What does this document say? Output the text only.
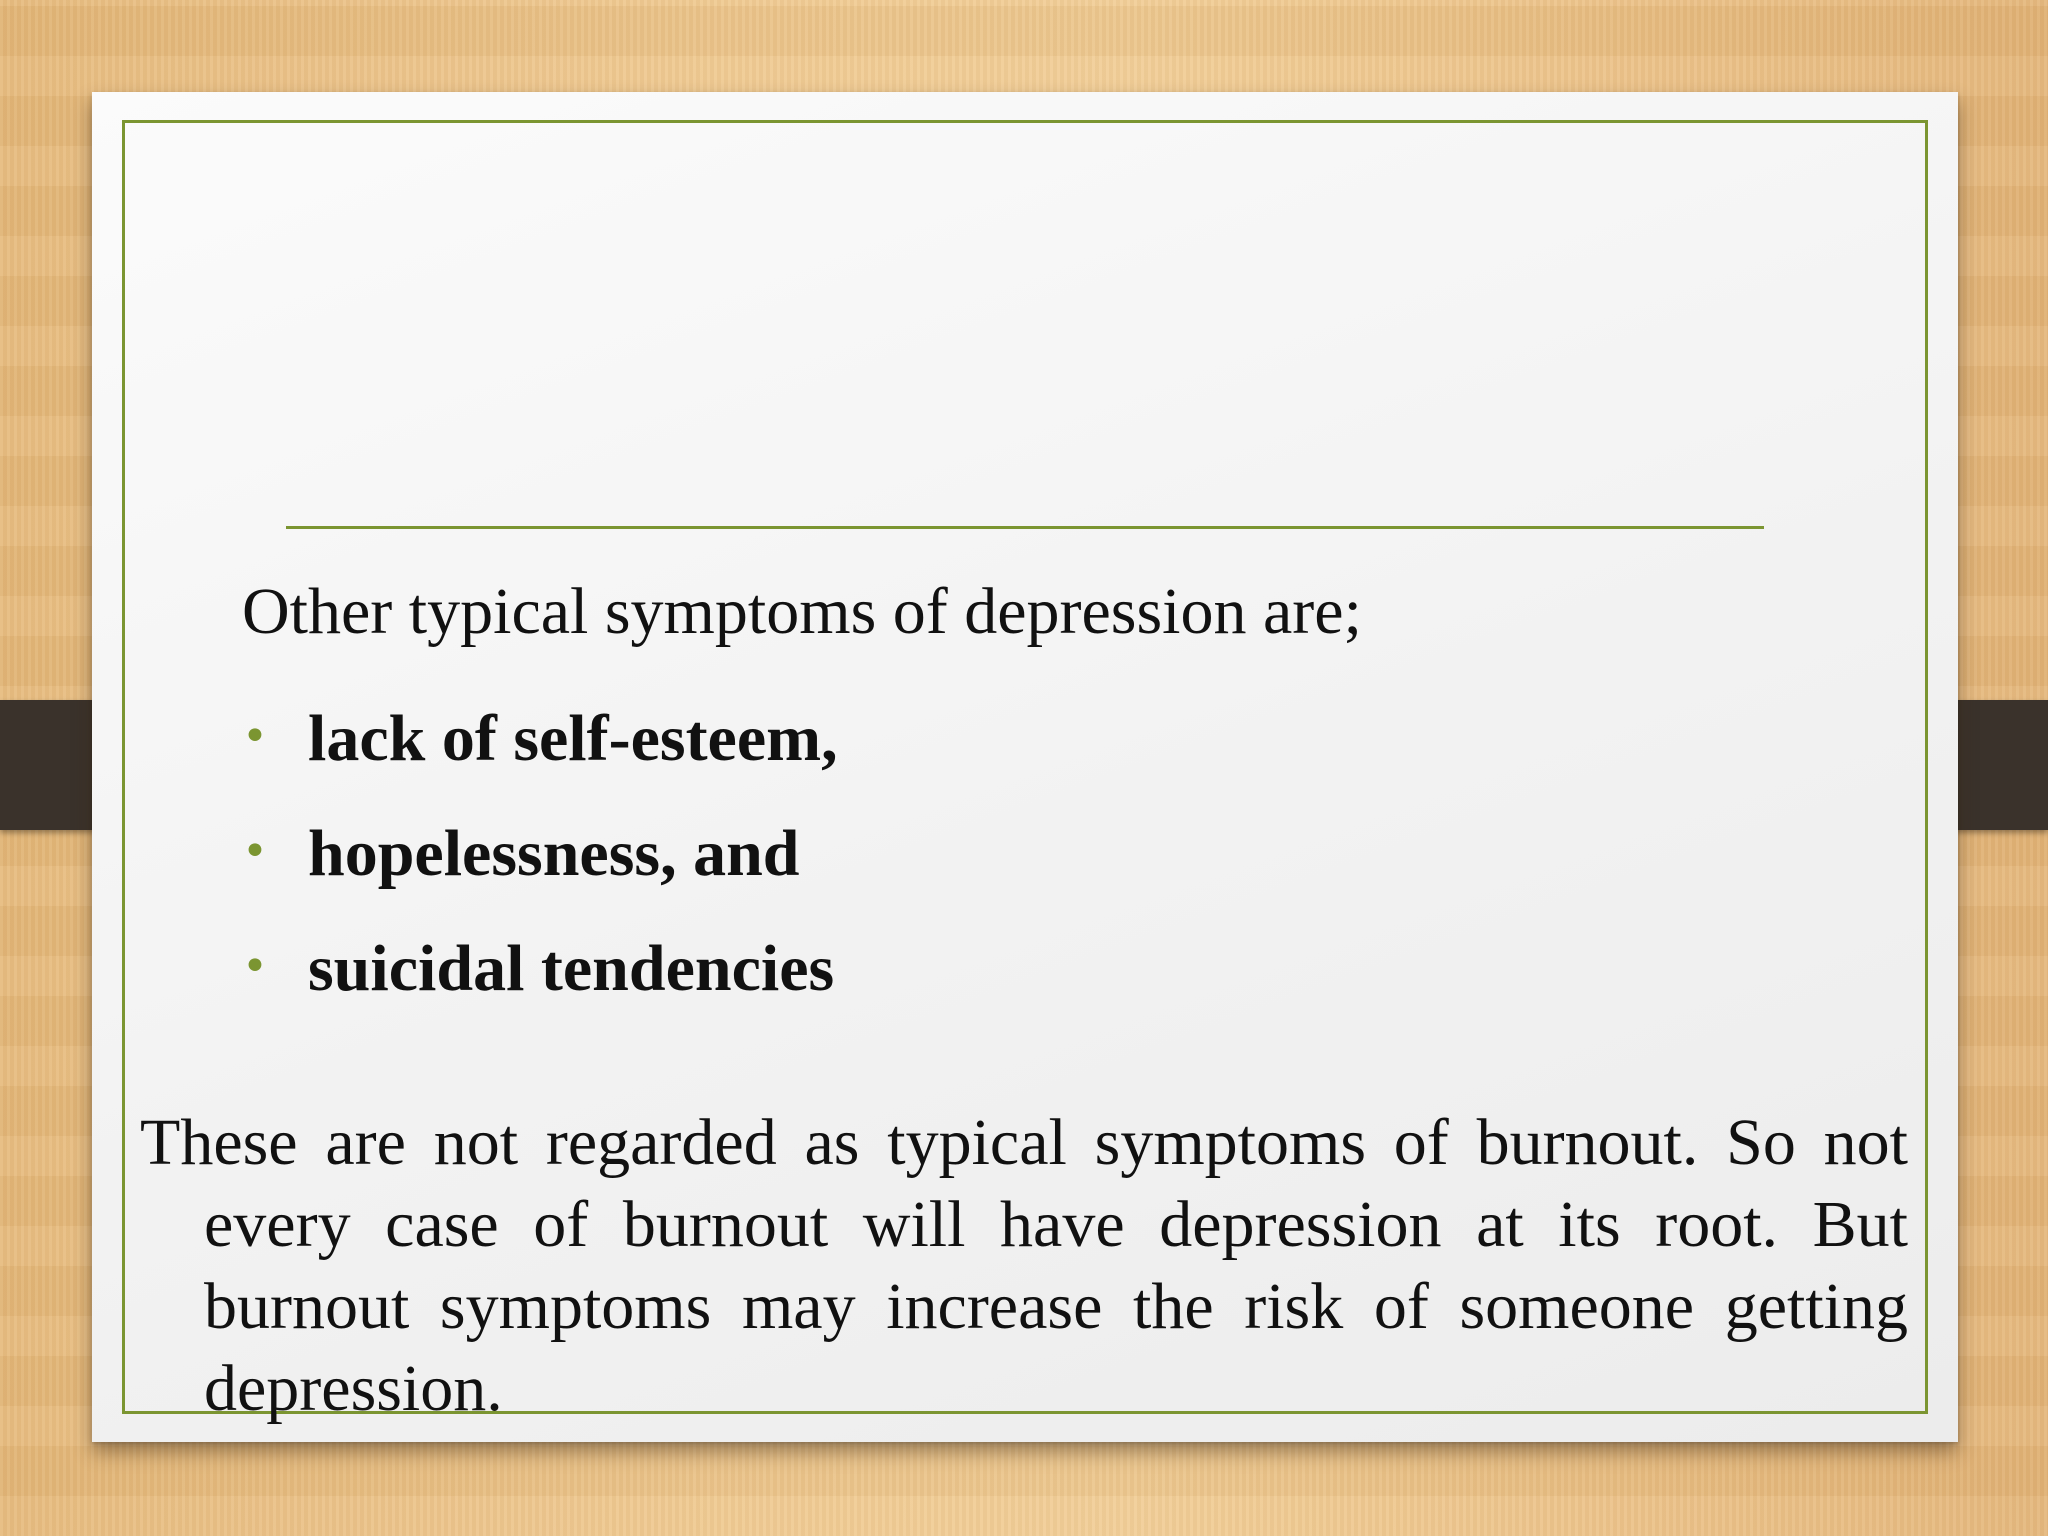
Other typical symptoms of depression are;
• lack of self-esteem,
• hopelessness, and
• suicidal tendencies

These are not regarded as typical symptoms of burnout. So not every case of burnout will have depression at its root. But burnout symptoms may increase the risk of someone getting depression.
